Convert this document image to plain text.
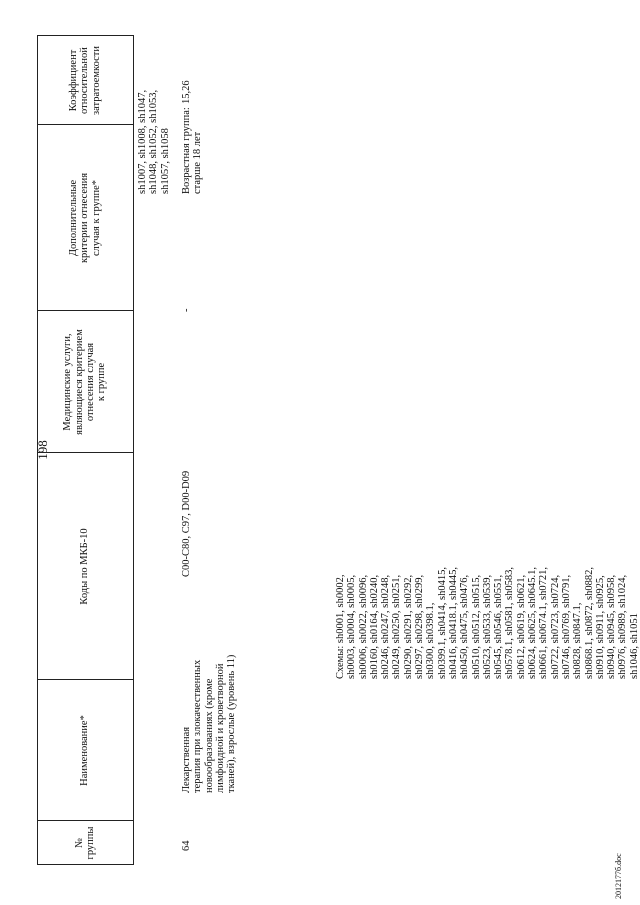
198
№
группы
Наименование*
Коды по МКБ-10
Медицинские услуги,
являющиеся критерием
отнесения случая
к группе
Дополнительные
критерии отнесения
случая к группе*
Коэффициент
относительной
затратоемкости
sh1007, sh1008, sh1047, sh1048, sh1052, sh1053, sh1057, sh1058
64
Лекарственная терапия при злокачественных новообразованиях (кроме лимфоидной и кроветворной тканей), взрослые (уровень 11)
C00-C80, C97, D00-D09
-
Возрастная группа: старше 18 лет
15,26
Схемы: sh0001, sh0002, sh0003, sh0004, sh0005, sh0006, sh0022, sh0096, sh0160, sh0164, sh0240, sh0246, sh0247, sh0248, sh0249, sh0250, sh0251, sh0290, sh0291, sh0292, sh0297, sh0298, sh0299, sh0300, sh0398.1, sh0399.1, sh0414, sh0415, sh0416, sh0418.1, sh0445, sh0450, sh0475, sh0476, sh0510, sh0512, sh0515, sh0523, sh0533, sh0539, sh0545, sh0546, sh0551, sh0578.1, sh0581, sh0583, sh0612, sh0619, sh0621, sh0624, sh0625, sh0645.1, sh0661, sh0674.1, sh0721, sh0722, sh0723, sh0724, sh0746, sh0769, sh0791, sh0828, sh0847.1, sh0868.1, sh0872, sh0882, sh0910, sh0911, sh0925, sh0940, sh0945, sh0958, sh0976, sh0989, sh1024, sh1046, sh1051
2012177б.doc
